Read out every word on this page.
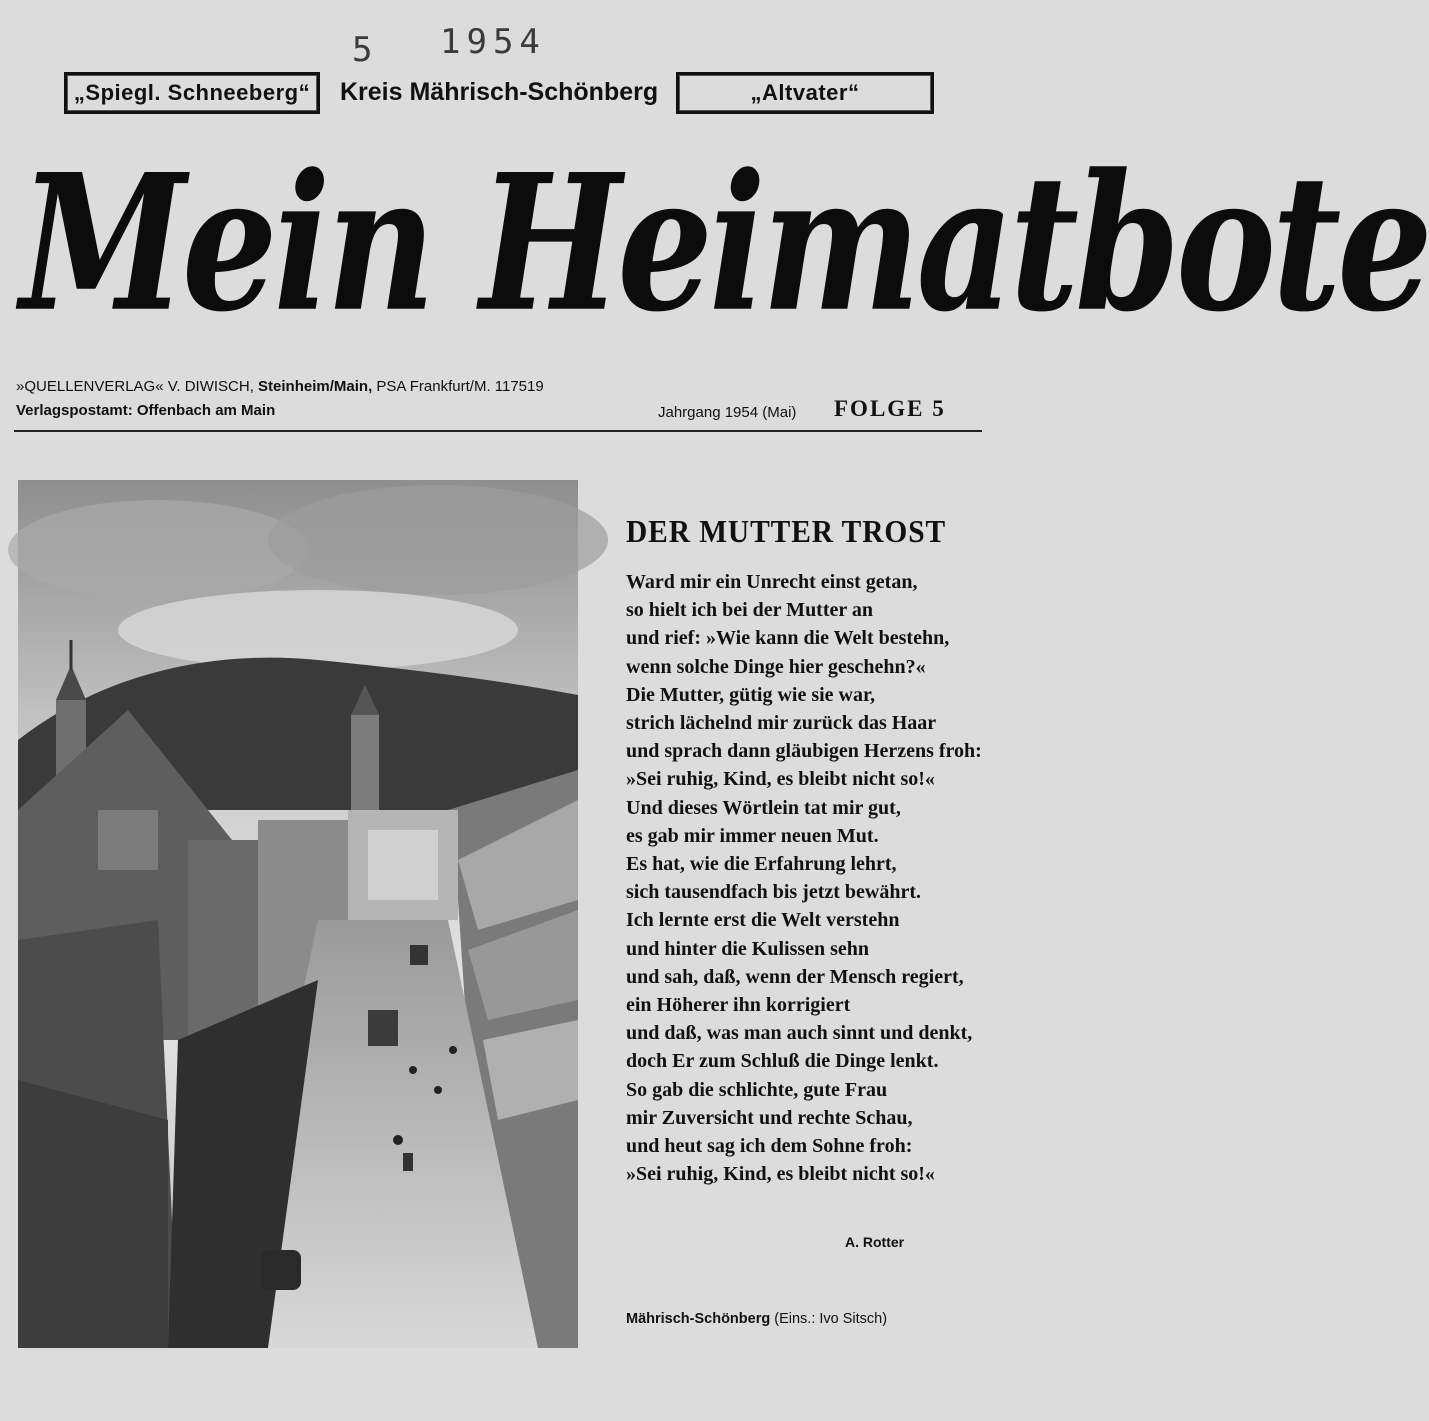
5 1954
„Spiegl. Schneeberg“ Kreis Mährisch-Schönberg	„Altvater“
Mein Heimatbote
»QUELLENVERLAG« V. DIWISCH, Steinheim/Main, PSA Frankfurt/M. 117519
Verlagspostamt: Offenbach am Main	Jahrgang 1954 (Mai) FOLGE 5
DER MUTTER TROST
Ward mir ein Unrecht einst getan,
so hielt ich bei der Mutter an
und rief: »Wie kann die Welt bestehn,
wenn solche Dinge hier geschehn?«
Die Mutter, gütig wie sie war,
strich lächelnd mir zurück das Haar
und sprach dann gläubigen Herzens froh:
»Sei ruhig, Kind, es bleibt nicht so!«
Und dieses Wörtlein tat mir gut,
es gab mir immer neuen Mut.
Es hat, wie die Erfahrung lehrt,
sich tausendfach bis jetzt bewährt.
Ich lernte erst die Welt verstehn
und hinter die Kulissen sehn
und sah, daß, wenn der Mensch regiert,
ein Höherer ihn korrigiert
und daß, was man auch sinnt und denkt,
doch Er zum Schluß die Dinge lenkt.
So gab die schlichte, gute Frau
mir Zuversicht und rechte Schau,
und heut sag ich dem Sohne froh:
»Sei ruhig, Kind, es bleibt nicht so!«
A. Rotter
Mährisch-Schönberg (Eins.: Ivo Sitsch)
